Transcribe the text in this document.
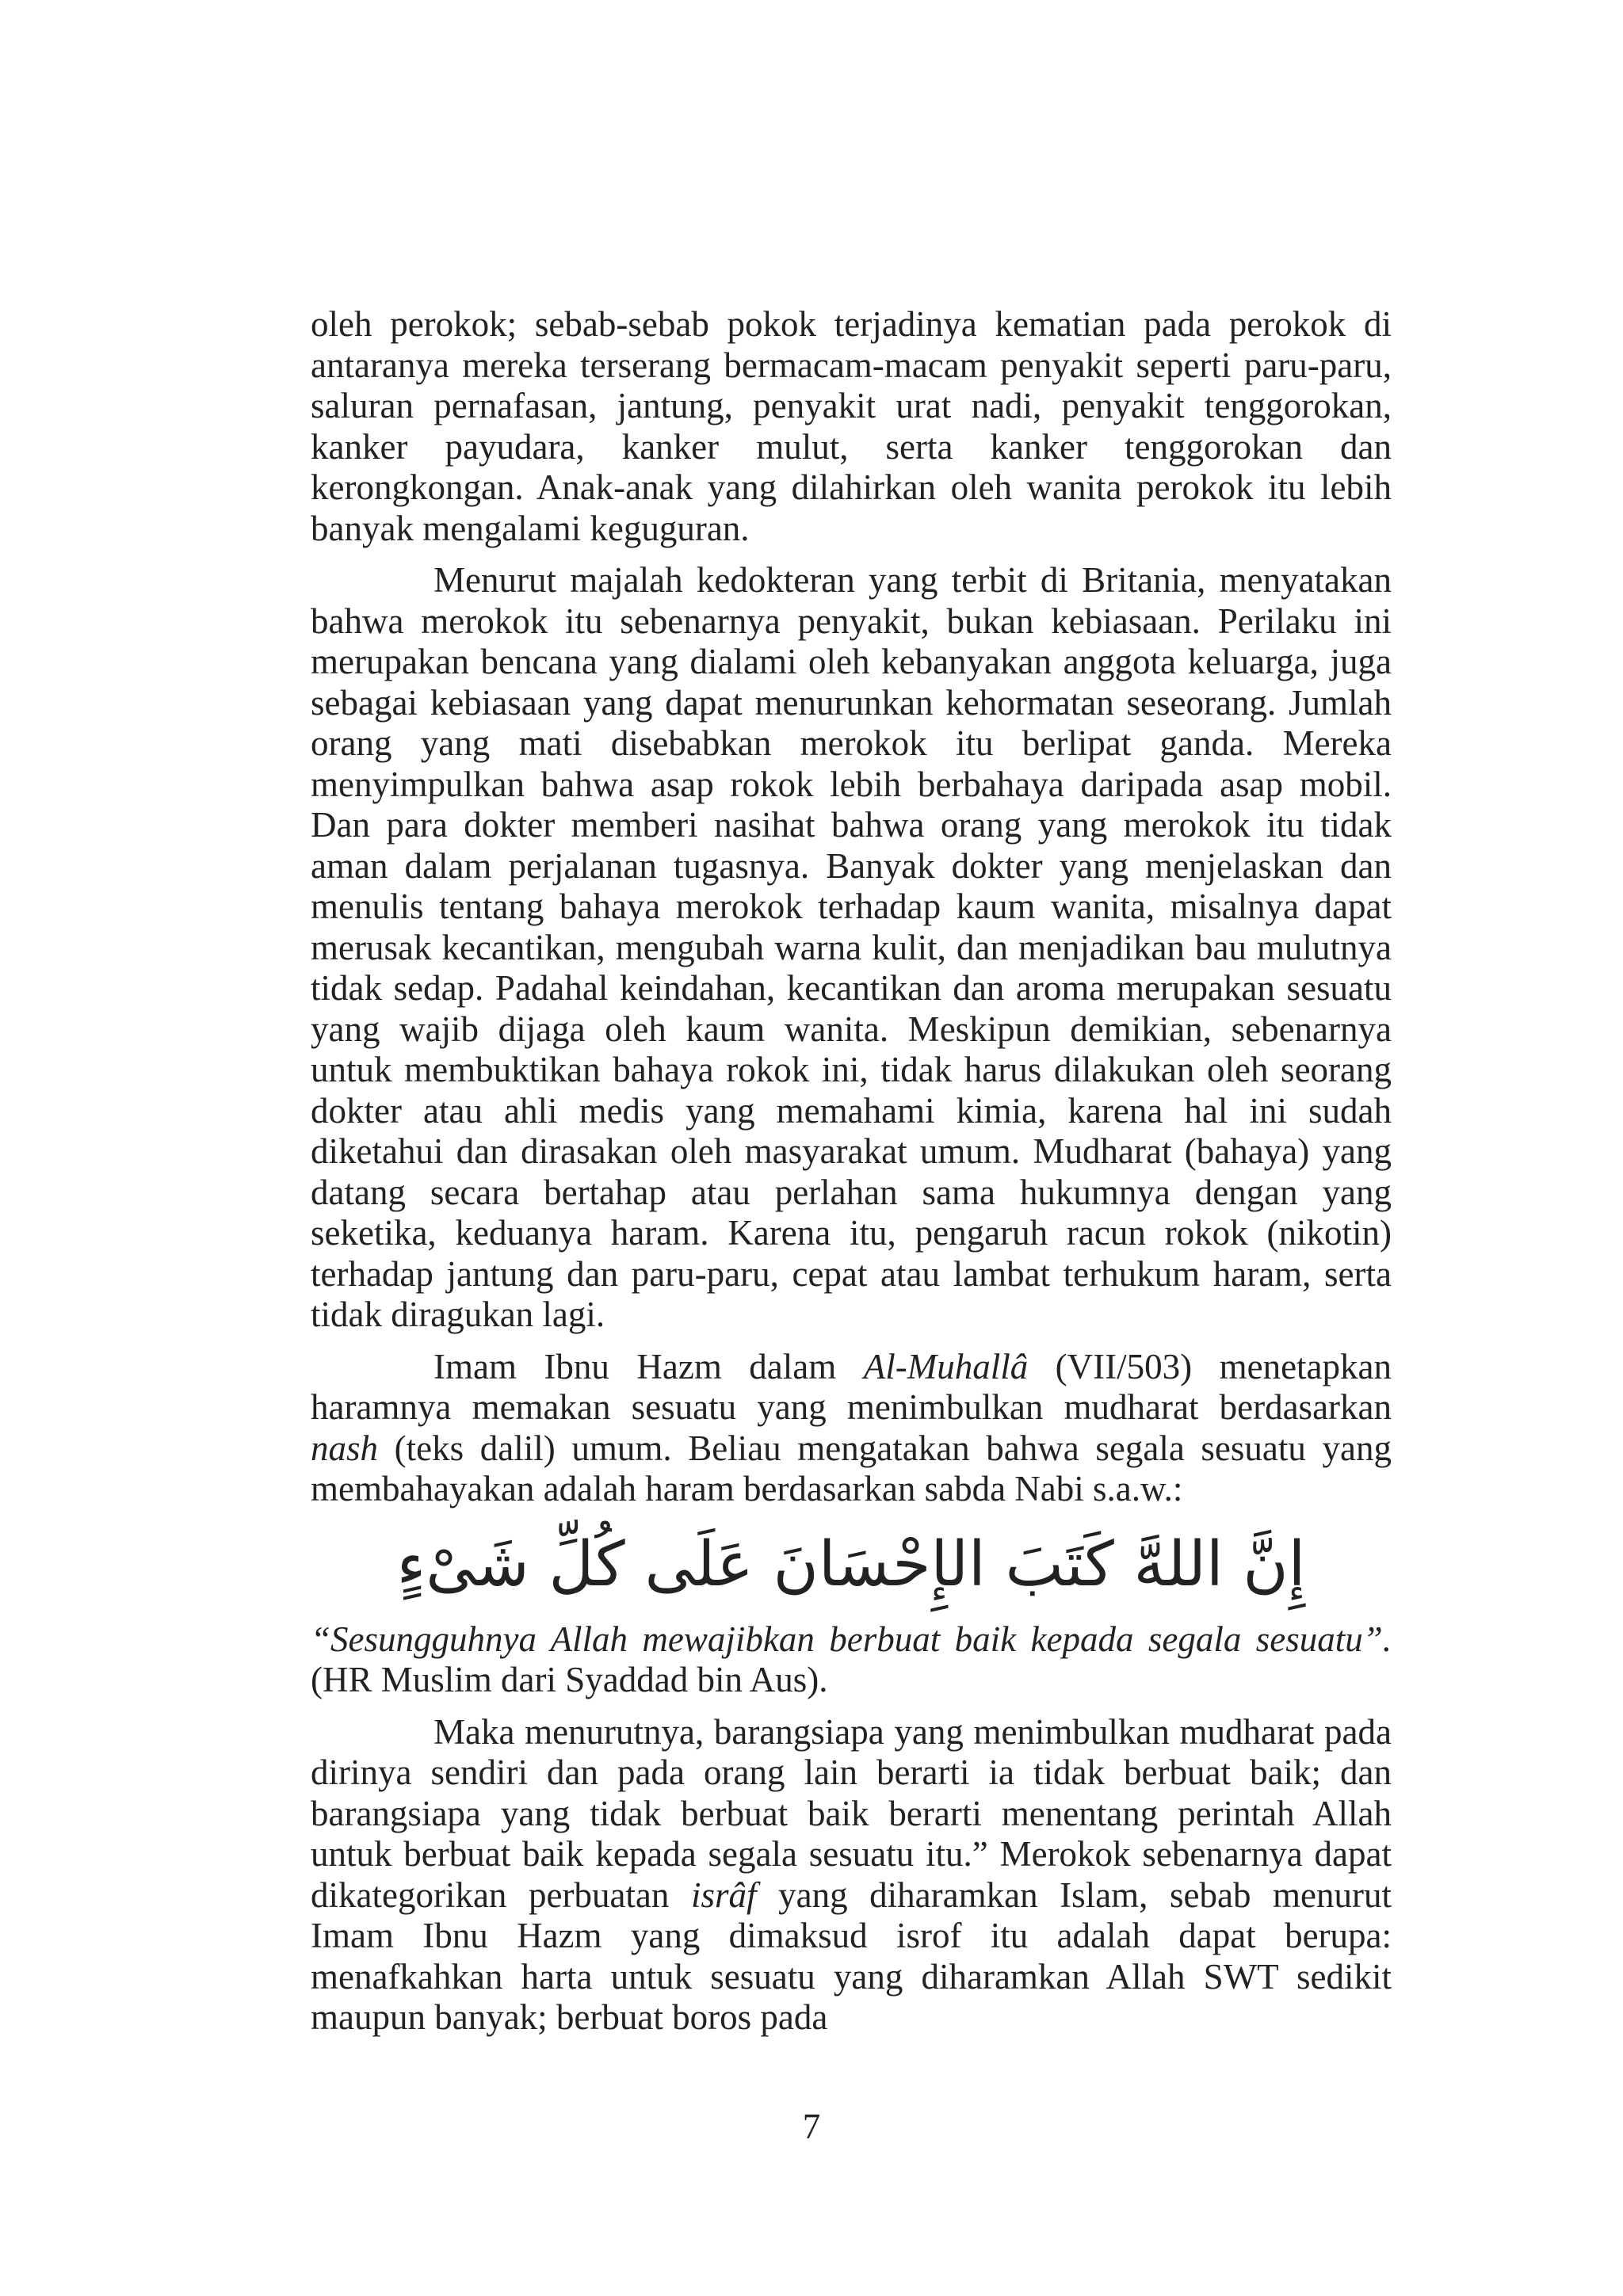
oleh perokok; sebab-sebab pokok terjadinya kematian pada perokok di antaranya mereka terserang bermacam-macam penyakit seperti paru-paru, saluran pernafasan, jantung, penyakit urat nadi, penyakit tenggorokan, kanker payudara, kanker mulut, serta kanker tenggorokan dan kerongkongan. Anak-anak yang dilahirkan oleh wanita perokok itu lebih banyak mengalami keguguran.

Menurut majalah kedokteran yang terbit di Britania, menyatakan bahwa merokok itu sebenarnya penyakit, bukan kebiasaan. Perilaku ini merupakan bencana yang dialami oleh kebanyakan anggota keluarga, juga sebagai kebiasaan yang dapat menurunkan kehormatan seseorang. Jumlah orang yang mati disebabkan merokok itu berlipat ganda. Mereka menyimpulkan bahwa asap rokok lebih berbahaya daripada asap mobil. Dan para dokter memberi nasihat bahwa orang yang merokok itu tidak aman dalam perjalanan tugasnya. Banyak dokter yang menjelaskan dan menulis tentang bahaya merokok terhadap kaum wanita, misalnya dapat merusak kecantikan, mengubah warna kulit, dan menjadikan bau mulutnya tidak sedap. Padahal keindahan, kecantikan dan aroma merupakan sesuatu yang wajib dijaga oleh kaum wanita. Meskipun demikian, sebenarnya untuk membuktikan bahaya rokok ini, tidak harus dilakukan oleh seorang dokter atau ahli medis yang memahami kimia, karena hal ini sudah diketahui dan dirasakan oleh masyarakat umum. Mudharat (bahaya) yang datang secara bertahap atau perlahan sama hukumnya dengan yang seketika, keduanya haram. Karena itu, pengaruh racun rokok (nikotin) terhadap jantung dan paru-paru, cepat atau lambat terhukum haram, serta tidak diragukan lagi.

Imam Ibnu Hazm dalam Al-Muhallâ (VII/503) menetapkan haramnya memakan sesuatu yang menimbulkan mudharat berdasarkan nash (teks dalil) umum. Beliau mengatakan bahwa segala sesuatu yang membahayakan adalah haram berdasarkan sabda Nabi s.a.w.:

إِنَّ اللهَّ كَتَبَ الإِحْسَانَ عَلَى كُلِّ شَىْءٍ

“Sesungguhnya Allah mewajibkan berbuat baik kepada segala sesuatu”. (HR Muslim dari Syaddad bin Aus).

Maka menurutnya, barangsiapa yang menimbulkan mudharat pada dirinya sendiri dan pada orang lain berarti ia tidak berbuat baik; dan barangsiapa yang tidak berbuat baik berarti menentang perintah Allah untuk berbuat baik kepada segala sesuatu itu.” Merokok sebenarnya dapat dikategorikan perbuatan isrâf yang diharamkan Islam, sebab menurut Imam Ibnu Hazm yang dimaksud isrof itu adalah dapat berupa: menafkahkan harta untuk sesuatu yang diharamkan Allah SWT sedikit maupun banyak; berbuat boros pada

7
